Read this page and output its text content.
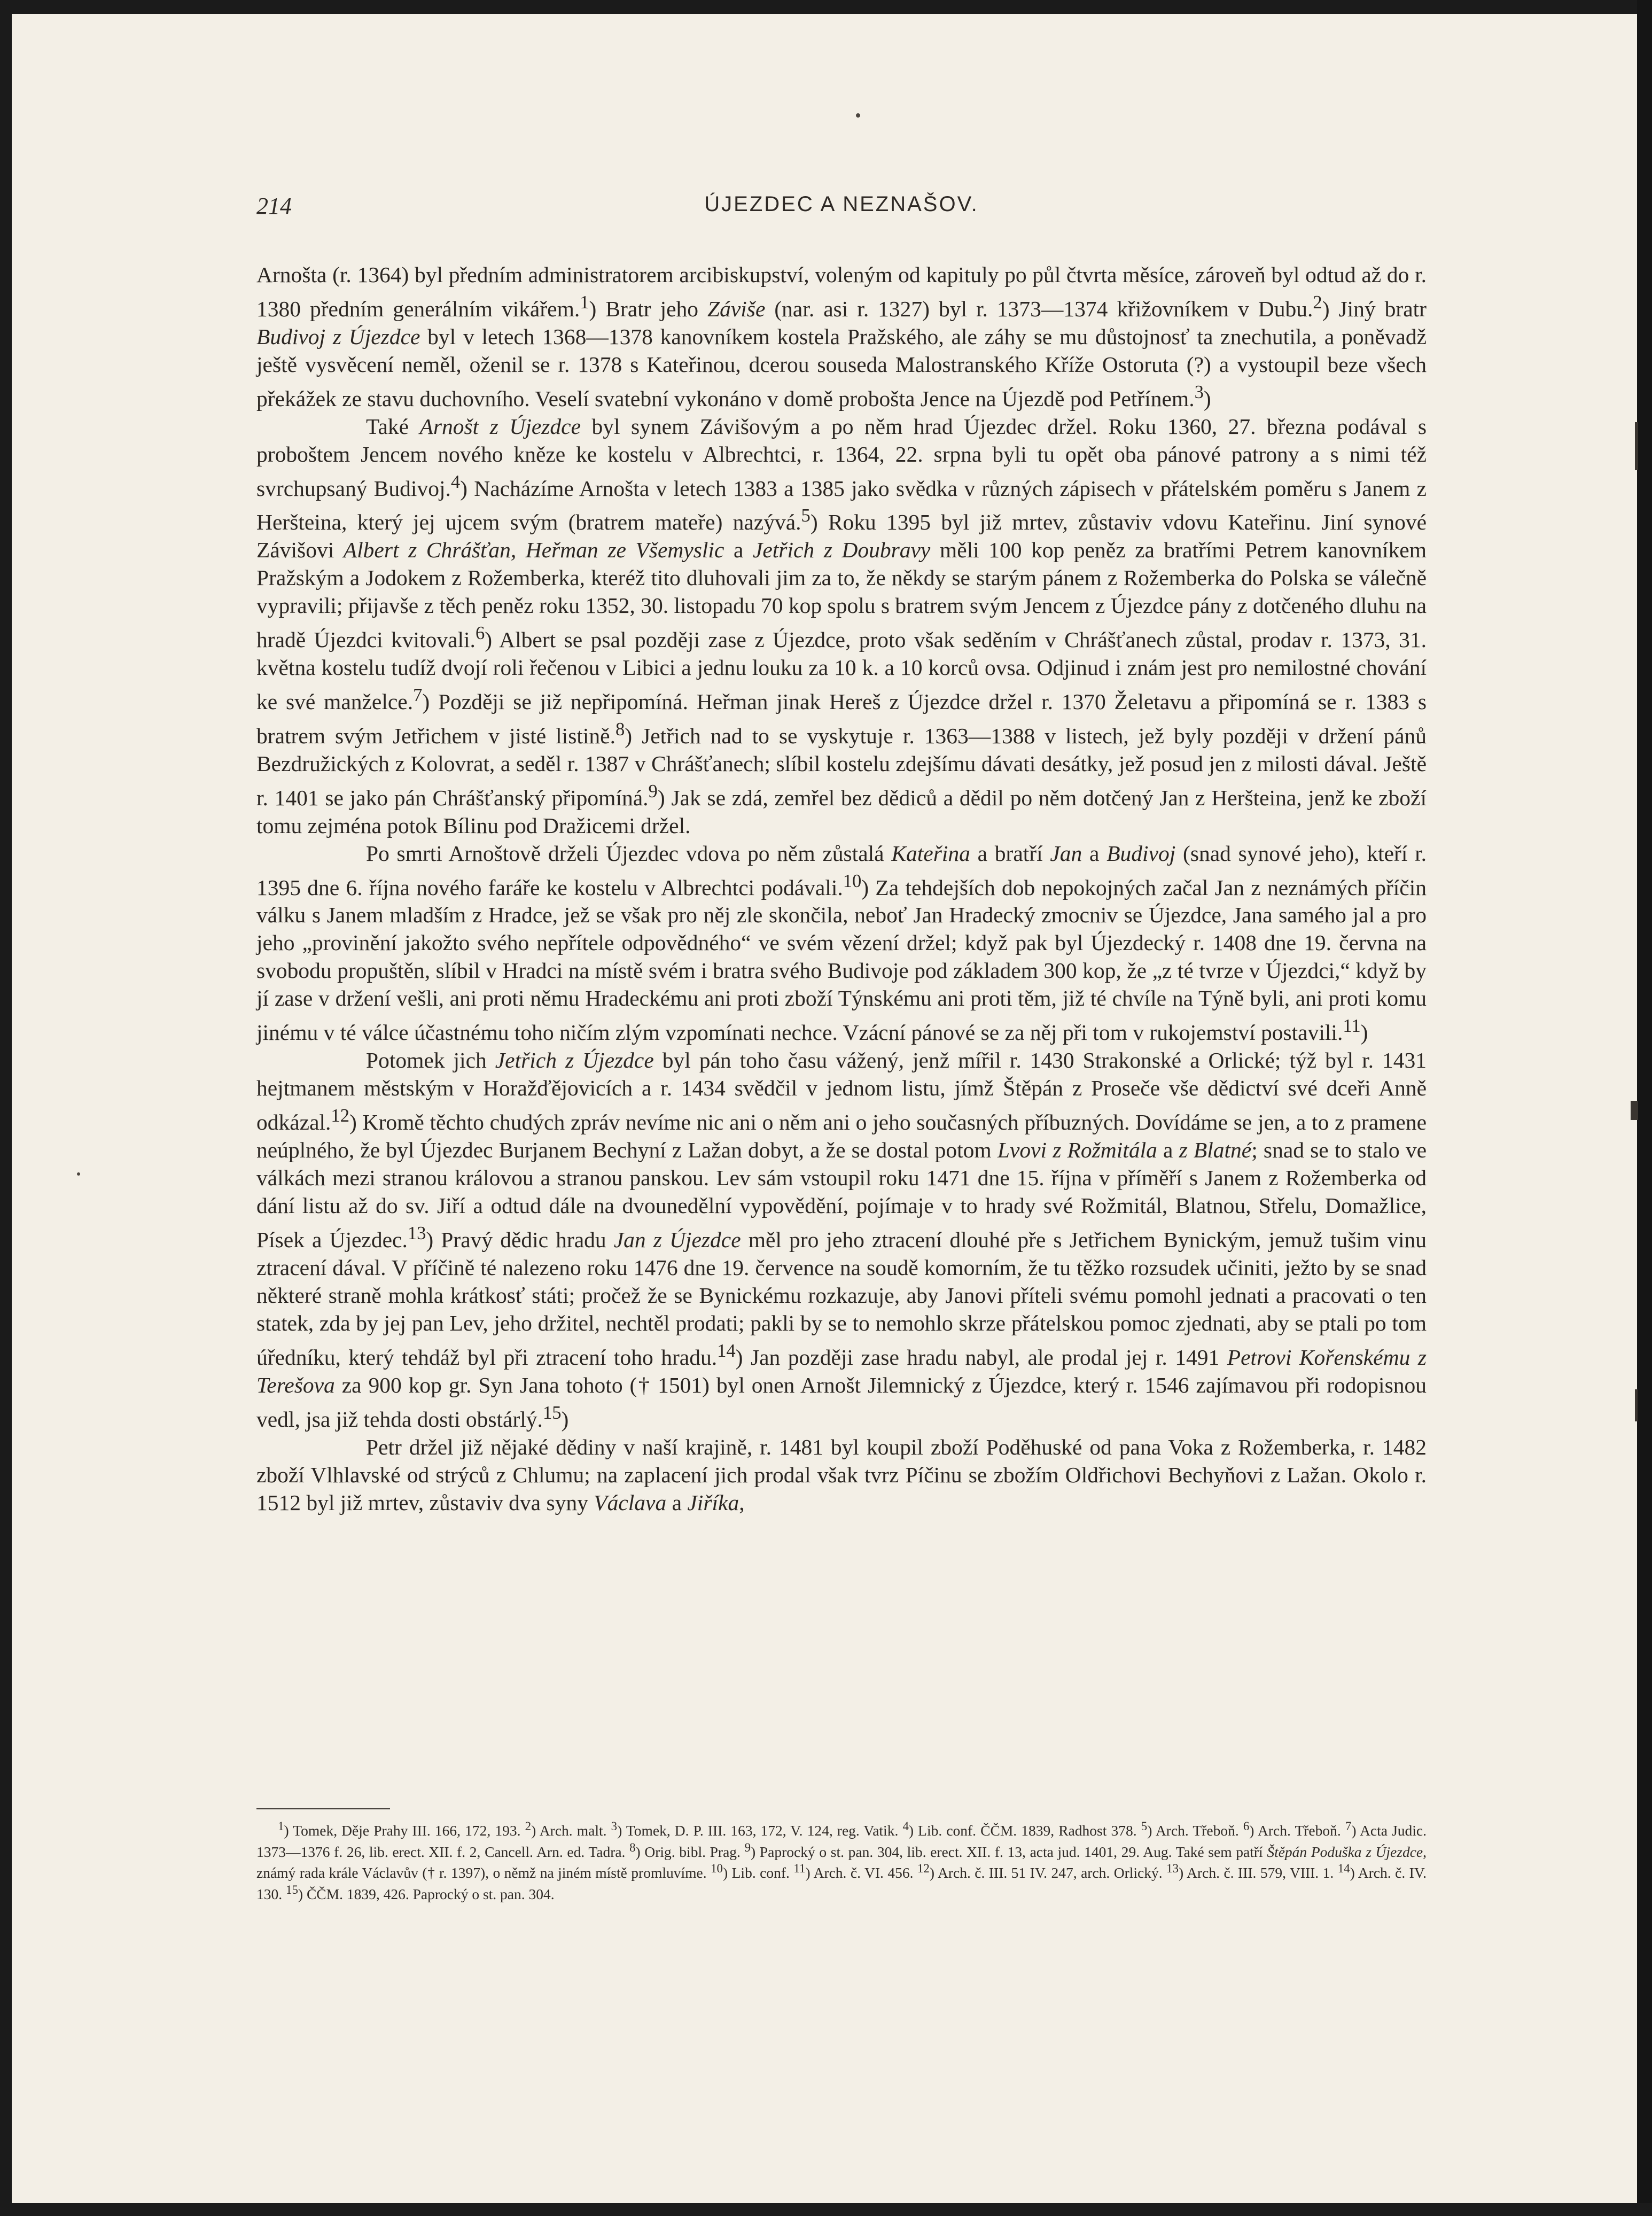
214	ÚJEZDEC A NEZNAŠOV.

Arnošta (r. 1364) byl předním administratorem arcibiskupství, voleným od kapituly po půl čtvrta měsíce, zároveň byl odtud až do r. 1380 předním generálním vikářem.$^1$) Bratr jeho Záviše (nar. asi r. 1327) byl r. 1373—1374 křižovníkem v Dubu.$^2$) Jiný bratr Budivoj z Újezdce byl v letech 1368—1378 kanovníkem kostela Pražského, ale záhy se mu důstojnosť ta znechutila, a poněvadž ještě vysvěcení neměl, oženil se r. 1378 s Kateřinou, dcerou souseda Malostranského Kříže Ostoruta (?) a vystoupil beze všech překážek ze stavu duchovního. Veselí svatební vykonáno v domě probošta Jence na Újezdě pod Petřínem.$^3$)

Také Arnošt z Újezdce byl synem Závišovým a po něm hrad Újezdec držel. Roku 1360, 27. března podával s proboštem Jencem nového kněze ke kostelu v Albrechtci, r. 1364, 22. srpna byli tu opět oba pánové patrony a s nimi též svrchupsaný Budivoj.$^4$) Nacházíme Arnošta v letech 1383 a 1385 jako svědka v různých zápisech v přátelském poměru s Janem z Heršteina, který jej ujcem svým (bratrem mateře) nazývá.$^5$) Roku 1395 byl již mrtev, zůstaviv vdovu Kateřinu. Jiní synové Závišovi Albert z Chrášťan, Heřman ze Všemyslic a Jetřich z Doubravy měli 100 kop peněz za bratřími Petrem kanovníkem Pražským a Jodokem z Rožemberka, kteréž tito dluhovali jim za to, že někdy se starým pánem z Rožemberka do Polska se válečně vypravili; přijavše z těch peněz roku 1352, 30. listopadu 70 kop spolu s bratrem svým Jencem z Újezdce pány z dotčeného dluhu na hradě Újezdci kvitovali.$^6$) Albert se psal později zase z Újezdce, proto však seděním v Chrášťanech zůstal, prodav r. 1373, 31. května kostelu tudíž dvojí roli řečenou v Libici a jednu louku za 10 k. a 10 korců ovsa. Odjinud i znám jest pro nemilostné chování ke své manželce.$^7$) Později se již nepřipomíná. Heřman jinak Hereš z Újezdce držel r. 1370 Želetavu a připomíná se r. 1383 s bratrem svým Jetřichem v jisté listině.$^8$) Jetřich nad to se vyskytuje r. 1363—1388 v listech, jež byly později v držení pánů Bezdružických z Kolovrat, a seděl r. 1387 v Chrášťanech; slíbil kostelu zdejšímu dávati desátky, jež posud jen z milosti dával. Ještě r. 1401 se jako pán Chrášťanský připomíná.$^9$) Jak se zdá, zemřel bez dědiců a dědil po něm dotčený Jan z Heršteina, jenž ke zboží tomu zejména potok Bílinu pod Dražicemi držel.

Po smrti Arnoštově drželi Újezdec vdova po něm zůstalá Kateřina a bratří Jan a Budivoj (snad synové jeho), kteří r. 1395 dne 6. října nového faráře ke kostelu v Albrechtci podávali.$^{10}$) Za tehdejších dob nepokojných začal Jan z neznámých příčin válku s Janem mladším z Hradce, jež se však pro něj zle skončila, neboť Jan Hradecký zmocniv se Újezdce, Jana samého jal a pro jeho „provinění jakožto svého nepřítele odpovědného“ ve svém vězení držel; když pak byl Újezdecký r. 1408 dne 19. června na svobodu propuštěn, slíbil v Hradci na místě svém i bratra svého Budivoje pod základem 300 kop, že „z té tvrze v Újezdci,“ když by jí zase v držení vešli, ani proti němu Hradeckému ani proti zboží Týnskému ani proti těm, již té chvíle na Týně byli, ani proti komu jinému v té válce účastnému toho ničím zlým vzpomínati nechce. Vzácní pánové se za něj při tom v rukojemství postavili.$^{11}$)

Potomek jich Jetřich z Újezdce byl pán toho času vážený, jenž mířil r. 1430 Strakonské a Orlické; týž byl r. 1431 hejtmanem městským v Horažďějovicích a r. 1434 svědčil v jednom listu, jímž Štěpán z Proseče vše dědictví své dceři Anně odkázal.$^{12}$) Kromě těchto chudých zpráv nevíme nic ani o něm ani o jeho současných příbuzných. Dovídáme se jen, a to z pramene neúplného, že byl Újezdec Burjanem Bechyní z Lažan dobyt, a že se dostal potom Lvovi z Rožmitála a z Blatné; snad se to stalo ve válkách mezi stranou královou a stranou panskou. Lev sám vstoupil roku 1471 dne 15. října v příměří s Janem z Rožemberka od dání listu až do sv. Jiří a odtud dále na dvounedělní vypovědění, pojímaje v to hrady své Rožmitál, Blatnou, Střelu, Domažlice, Písek a Újezdec.$^{13}$) Pravý dědic hradu Jan z Újezdce měl pro jeho ztracení dlouhé pře s Jetřichem Bynickým, jemuž tušim vinu ztracení dával. V příčině té nalezeno roku 1476 dne 19. července na soudě komorním, že tu těžko rozsudek učiniti, ježto by se snad některé straně mohla krátkosť státi; pročež že se Bynickému rozkazuje, aby Janovi příteli svému pomohl jednati a pracovati o ten statek, zda by jej pan Lev, jeho držitel, nechtěl prodati; pakli by se to nemohlo skrze přátelskou pomoc zjednati, aby se ptali po tom úředníku, který tehdáž byl při ztracení toho hradu.$^{14}$) Jan později zase hradu nabyl, ale prodal jej r. 1491 Petrovi Kořenskému z Terešova za 900 kop gr. Syn Jana tohoto († 1501) byl onen Arnošt Jilemnický z Újezdce, který r. 1546 zajímavou při rodopisnou vedl, jsa již tehda dosti obstárlý.$^{15}$)

Petr držel již nějaké dědiny v naší krajině, r. 1481 byl koupil zboží Poděhuské od pana Voka z Rožemberka, r. 1482 zboží Vlhlavské od strýců z Chlumu; na zaplacení jich prodal však tvrz Píčinu se zbožím Oldřichovi Bechyňovi z Lažan. Okolo r. 1512 byl již mrtev, zůstaviv dva syny Václava a Jiříka,

$^1$) Tomek, Děje Prahy III. 166, 172, 193. $^2$) Arch. malt. $^3$) Tomek, D. P. III. 163, 172, V. 124, reg. Vatik. $^4$) Lib. conf. ČČM. 1839, Radhost 378. $^5$) Arch. Třeboň. $^6$) Arch. Třeboň. $^7$) Acta Judic. 1373—1376 f. 26, lib. erect. XII. f. 2, Cancell. Arn. ed. Tadra. $^8$) Orig. bibl. Prag. $^9$) Paprocký o st. pan. 304, lib. erect. XII. f. 13, acta jud. 1401, 29. Aug. Také sem patří Štěpán Poduška z Újezdce, známý rada krále Václavův († r. 1397), o němž na jiném místě promluvíme. $^{10}$) Lib. conf. $^{11}$) Arch. č. VI. 456. $^{12}$) Arch. č. III. 51 IV. 247, arch. Orlický. $^{13}$) Arch. č. III. 579, VIII. 1. $^{14}$) Arch. č. IV. 130. $^{15}$) ČČM. 1839, 426. Paprocký o st. pan. 304.
